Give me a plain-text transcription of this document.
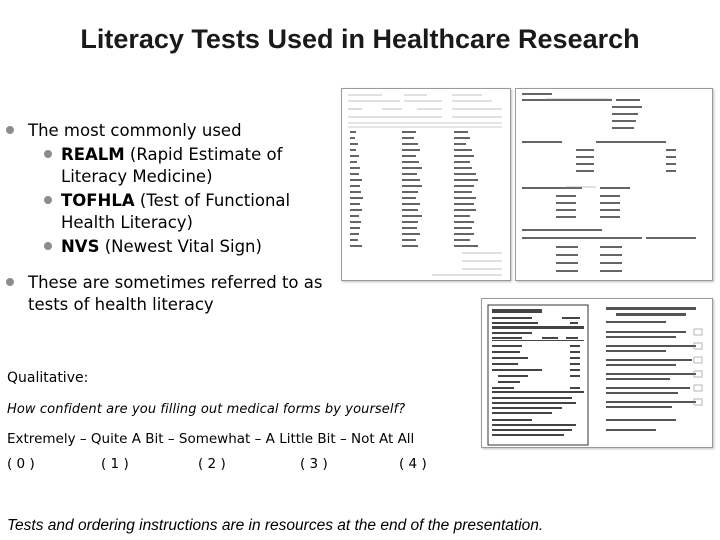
Literacy Tests Used in Healthcare Research
The most commonly used
REALM (Rapid Estimate of Literacy Medicine)
TOFHLA (Test of Functional Health Literacy)
NVS (Newest Vital Sign)
These are sometimes referred to as tests of health literacy
Qualitative:
How confident are you filling out medical forms by yourself?
Extremely – Quite A Bit – Somewhat – A Little Bit – Not At All
( 0 )	( 1 )	( 2 )	( 3 )	( 4 )
Tests and ordering instructions are in resources at the end of the presentation.
